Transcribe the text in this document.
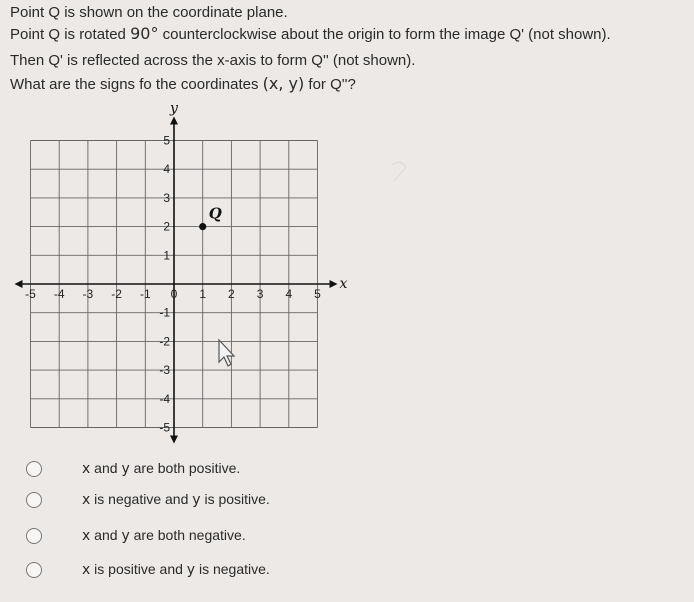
Point Q is shown on the coordinate plane.
Point Q is rotated 90° counterclockwise about the origin to form the image Q' (not shown).
Then Q' is reflected across the x-axis to form Q'' (not shown).
What are the signs fo the coordinates (x, y) for Q''?
x
y
-5 -4 -3 -2 -1 0 1 2 3 4 5
5
4
3
2
1
-1
-2
-3
-4
-5
Q
x and y are both positive.
x is negative and y is positive.
x and y are both negative.
x is positive and y is negative.
